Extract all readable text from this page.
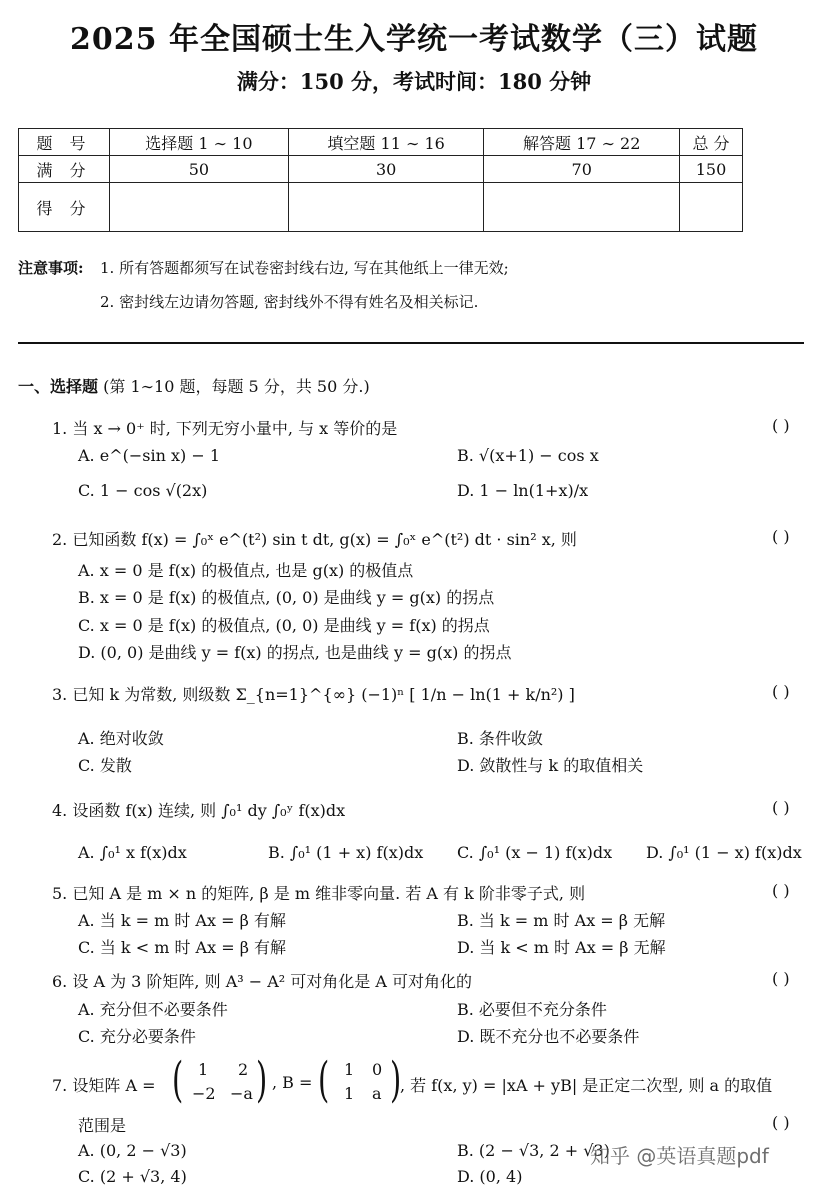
2025 年全国硕士生入学统一考试数学（三）试题
满分：150 分，考试时间：180 分钟
题 号	选择题 1 ∼ 10	填空题 11 ∼ 16	解答题 17 ∼ 22	总 分
满 分	50	30	70	150
得 分				
注意事项: 1. 所有答题都须写在试卷密封线右边, 写在其他纸上一律无效;
2. 密封线左边请勿答题, 密封线外不得有姓名及相关标记.
一、选择题 (第 1∼10 题，每题 5 分，共 50 分.)
1. 当 x → 0⁺ 时, 下列无穷小量中, 与 x 等价的是	( )
A. e^(−sin x) − 1	B. √(x+1) − cos x
C. 1 − cos √(2x)	D. 1 − ln(1+x)/x
2. 已知函数 f(x) = ∫₀ˣ e^(t²) sin t dt, g(x) = ∫₀ˣ e^(t²) dt · sin² x, 则	( )
A. x = 0 是 f(x) 的极值点, 也是 g(x) 的极值点
B. x = 0 是 f(x) 的极值点, (0, 0) 是曲线 y = g(x) 的拐点
C. x = 0 是 f(x) 的极值点, (0, 0) 是曲线 y = f(x) 的拐点
D. (0, 0) 是曲线 y = f(x) 的拐点, 也是曲线 y = g(x) 的拐点
3. 已知 k 为常数, 则级数 Σ_{n=1}^{∞} (−1)ⁿ [ 1/n − ln(1 + k/n²) ]	( )
A. 绝对收敛	B. 条件收敛
C. 发散	D. 敛散性与 k 的取值相关
4. 设函数 f(x) 连续, 则 ∫₀¹ dy ∫₀ʸ f(x)dx	( )
A. ∫₀¹ x f(x)dx	B. ∫₀¹ (1 + x) f(x)dx C. ∫₀¹ (x − 1) f(x)dx D. ∫₀¹ (1 − x) f(x)dx
5. 已知 A 是 m × n 的矩阵, β 是 m 维非零向量. 若 A 有 k 阶非零子式, 则	( )
A. 当 k = m 时 Ax = β 有解	B. 当 k = m 时 Ax = β 无解
C. 当 k < m 时 Ax = β 有解	D. 当 k < m 时 Ax = β 无解
6. 设 A 为 3 阶矩阵, 则 A³ − A² 可对角化是 A 可对角化的	( )
A. 充分但不必要条件	B. 必要但不充分条件
C. 充分必要条件	D. 既不充分也不必要条件
7. 设矩阵 A = ( 1 2
−2 −a ) , B = ( 1 0
1 a )
, 若 f(x, y) = |xA + yB| 是正定二次型, 则 a 的取值
范围是	( )
A. (0, 2 − √3)	B. (2 − √3, 2 + √3)
C. (2 + √3, 4)	D. (0, 4)
知乎 @英语真题pdf
